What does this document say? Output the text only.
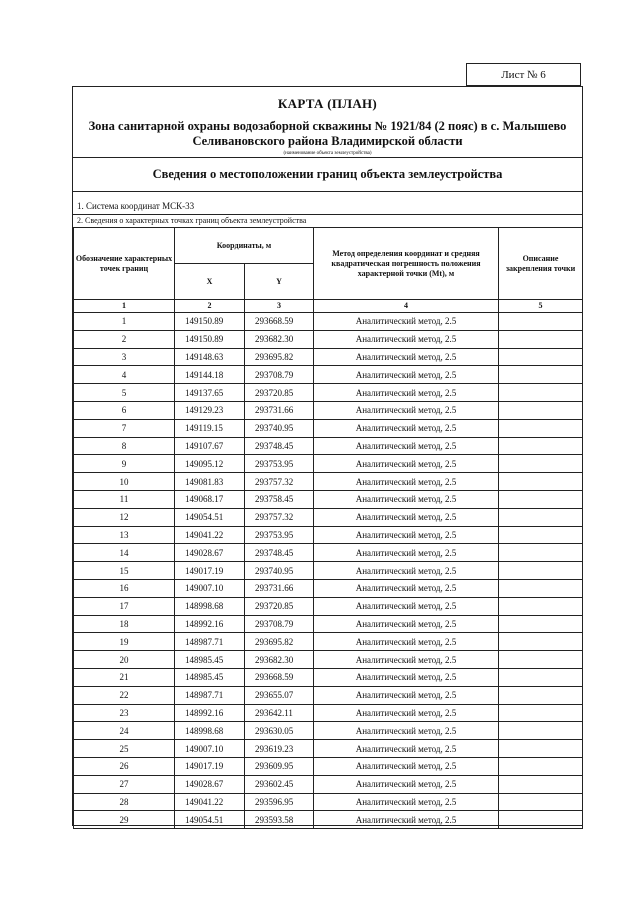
Лист № 6
КАРТА (ПЛАН)
Зона санитарной охраны водозаборной скважины № 1921/84 (2 пояс) в с. Малышево Селивановского района Владимирской области
(наименование объекта землеустройства)
Сведения о местоположении границ объекта землеустройства
1. Система координат МСК-33
2. Сведения о характерных точках границ объекта землеустройства
Обозначение характерных точек границ	Координаты, м		Метод определения координат и средняя квадратическая погрешность положения характерной точки (Mt), м	Описание закрепления точки
	X	Y		
1	2	3	4	5
1	149150.89	293668.59	Аналитический метод, 2.5	
2	149150.89	293682.30	Аналитический метод, 2.5	
3	149148.63	293695.82	Аналитический метод, 2.5	
4	149144.18	293708.79	Аналитический метод, 2.5	
5	149137.65	293720.85	Аналитический метод, 2.5	
6	149129.23	293731.66	Аналитический метод, 2.5	
7	149119.15	293740.95	Аналитический метод, 2.5	
8	149107.67	293748.45	Аналитический метод, 2.5	
9	149095.12	293753.95	Аналитический метод, 2.5	
10	149081.83	293757.32	Аналитический метод, 2.5	
11	149068.17	293758.45	Аналитический метод, 2.5	
12	149054.51	293757.32	Аналитический метод, 2.5	
13	149041.22	293753.95	Аналитический метод, 2.5	
14	149028.67	293748.45	Аналитический метод, 2.5	
15	149017.19	293740.95	Аналитический метод, 2.5	
16	149007.10	293731.66	Аналитический метод, 2.5	
17	148998.68	293720.85	Аналитический метод, 2.5	
18	148992.16	293708.79	Аналитический метод, 2.5	
19	148987.71	293695.82	Аналитический метод, 2.5	
20	148985.45	293682.30	Аналитический метод, 2.5	
21	148985.45	293668.59	Аналитический метод, 2.5	
22	148987.71	293655.07	Аналитический метод, 2.5	
23	148992.16	293642.11	Аналитический метод, 2.5	
24	148998.68	293630.05	Аналитический метод, 2.5	
25	149007.10	293619.23	Аналитический метод, 2.5	
26	149017.19	293609.95	Аналитический метод, 2.5	
27	149028.67	293602.45	Аналитический метод, 2.5	
28	149041.22	293596.95	Аналитический метод, 2.5	
29	149054.51	293593.58	Аналитический метод, 2.5	
